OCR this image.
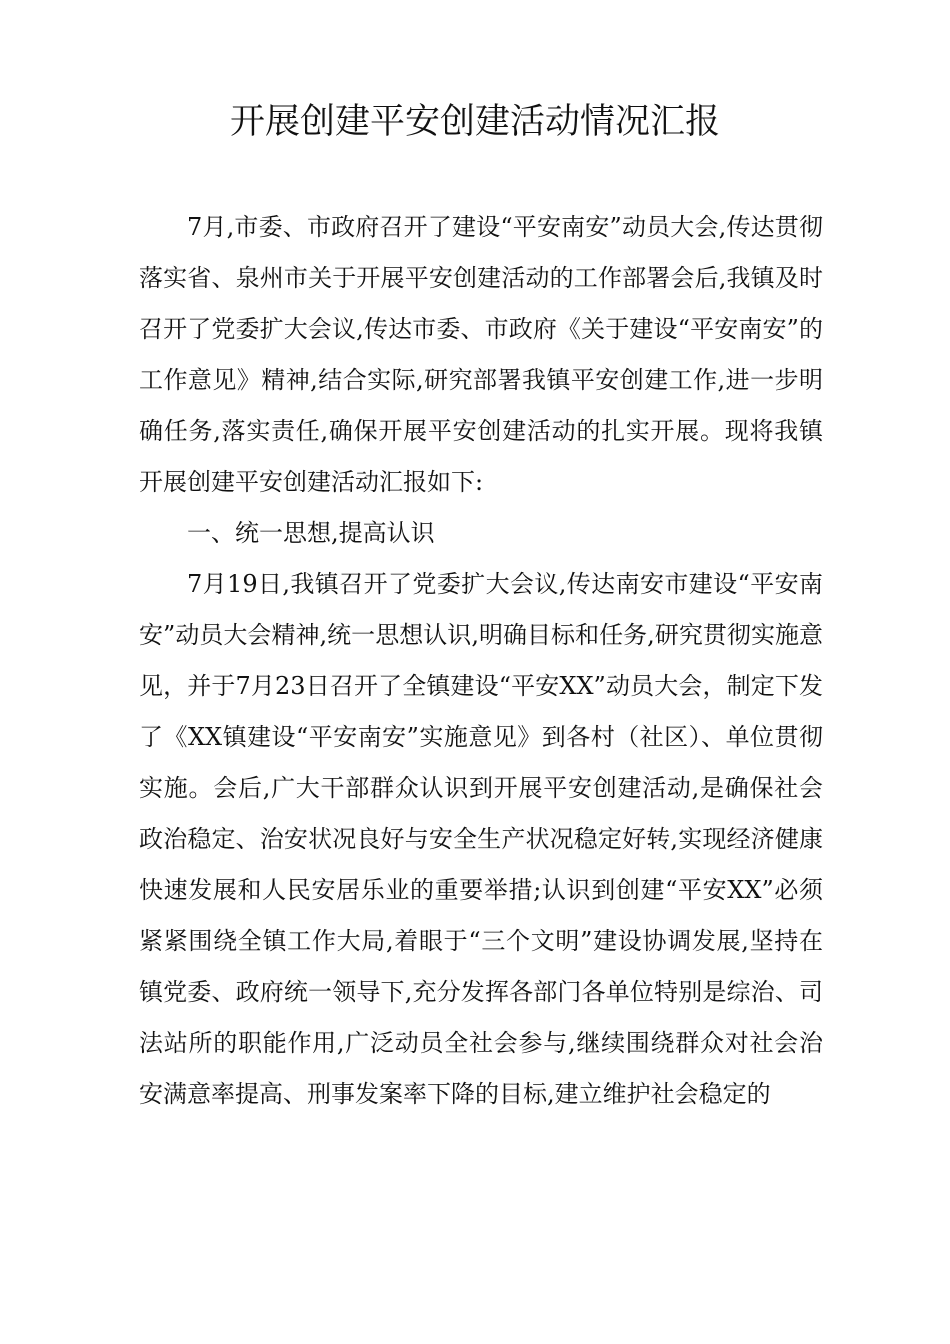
开展创建平安创建活动情况汇报

7月,市委、市政府召开了建设“平安南安”动员大会,传达贯彻落实省、泉州市关于开展平安创建活动的工作部署会后,我镇及时召开了党委扩大会议,传达市委、市政府《关于建设“平安南安”的工作意见》精神,结合实际,研究部署我镇平安创建工作,进一步明确任务,落实责任,确保开展平安创建活动的扎实开展。现将我镇开展创建平安创建活动汇报如下:

一、统一思想,提高认识

7月19日,我镇召开了党委扩大会议,传达南安市建设“平安南安”动员大会精神,统一思想认识,明确目标和任务,研究贯彻实施意见，并于7月23日召开了全镇建设“平安XX”动员大会，制定下发了《XX镇建设“平安南安”实施意见》到各村（社区）、单位贯彻实施。会后,广大干部群众认识到开展平安创建活动,是确保社会政治稳定、治安状况良好与安全生产状况稳定好转,实现经济健康快速发展和人民安居乐业的重要举措;认识到创建“平安XX”必须紧紧围绕全镇工作大局,着眼于“三个文明”建设协调发展,坚持在镇党委、政府统一领导下,充分发挥各部门各单位特别是综治、司法站所的职能作用,广泛动员全社会参与,继续围绕群众对社会治安满意率提高、刑事发案率下降的目标,建立维护社会稳定的
